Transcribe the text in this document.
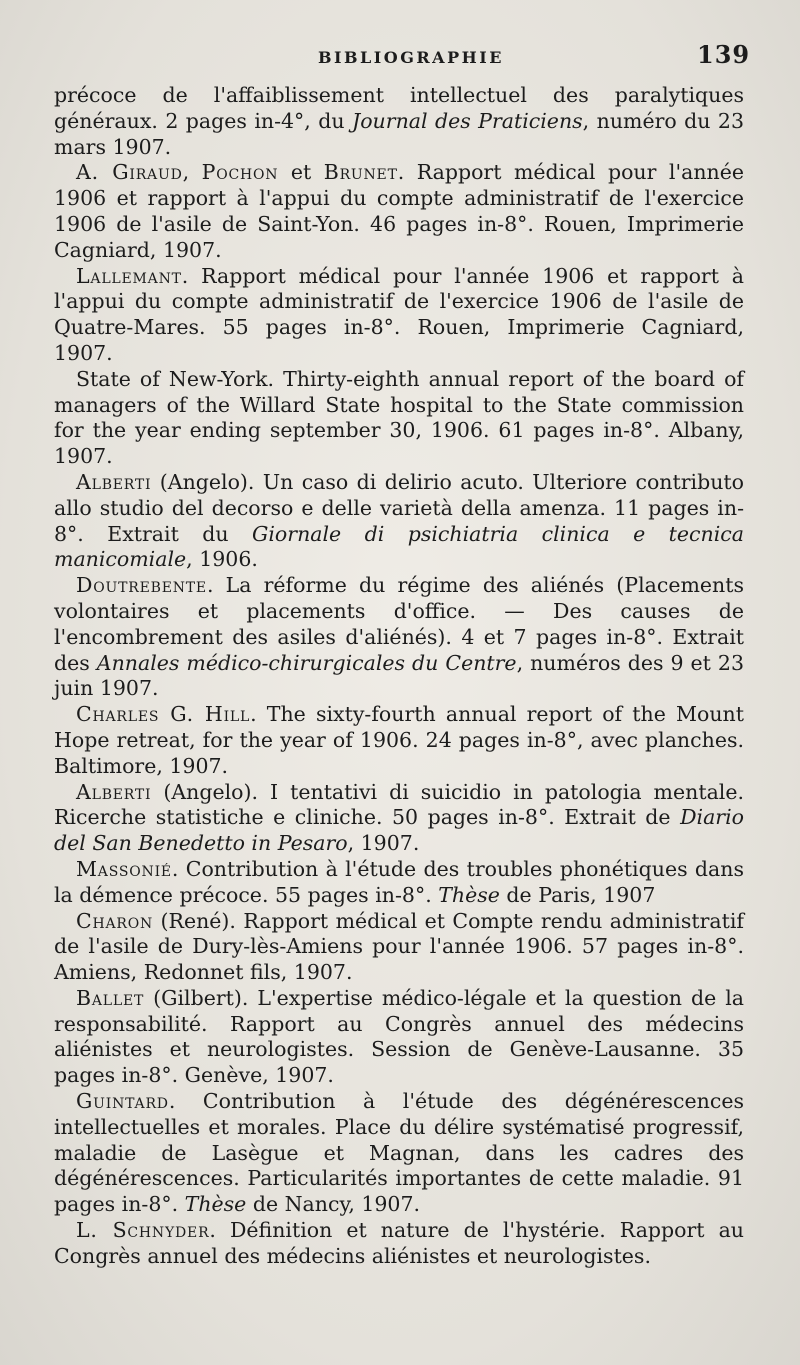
BIBLIOGRAPHIE	139

précoce de l'affaiblissement intellectuel des paralytiques généraux. 2 pages in-4°, du Journal des Praticiens, numéro du 23 mars 1907.

A. Giraud, Pochon et Brunet. Rapport médical pour l'année 1906 et rapport à l'appui du compte administratif de l'exercice 1906 de l'asile de Saint-Yon. 46 pages in-8°. Rouen, Imprimerie Cagniard, 1907.

Lallemant. Rapport médical pour l'année 1906 et rapport à l'appui du compte administratif de l'exercice 1906 de l'asile de Quatre-Mares. 55 pages in-8°. Rouen, Imprimerie Cagniard, 1907.

State of New-York. Thirty-eighth annual report of the board of managers of the Willard State hospital to the State commission for the year ending september 30, 1906. 61 pages in-8°. Albany, 1907.

Alberti (Angelo). Un caso di delirio acuto. Ulteriore contributo allo studio del decorso e delle varietà della amenza. 11 pages in-8°. Extrait du Giornale di psichiatria clinica e tecnica manicomiale, 1906.

Doutrebente. La réforme du régime des aliénés (Placements volontaires et placements d'office. — Des causes de l'encombrement des asiles d'aliénés). 4 et 7 pages in-8°. Extrait des Annales médico-chirurgicales du Centre, numéros des 9 et 23 juin 1907.

Charles G. Hill. The sixty-fourth annual report of the Mount Hope retreat, for the year of 1906. 24 pages in-8°, avec planches. Baltimore, 1907.

Alberti (Angelo). I tentativi di suicidio in patologia mentale. Ricerche statistiche e cliniche. 50 pages in-8°. Extrait de Diario del San Benedetto in Pesaro, 1907.

Massonié. Contribution à l'étude des troubles phonétiques dans la démence précoce. 55 pages in-8°. Thèse de Paris, 1907

Charon (René). Rapport médical et Compte rendu administratif de l'asile de Dury-lès-Amiens pour l'année 1906. 57 pages in-8°. Amiens, Redonnet fils, 1907.

Ballet (Gilbert). L'expertise médico-légale et la question de la responsabilité. Rapport au Congrès annuel des médecins aliénistes et neurologistes. Session de Genève-Lausanne. 35 pages in-8°. Genève, 1907.

Guintard. Contribution à l'étude des dégénérescences intellectuelles et morales. Place du délire systématisé progressif, maladie de Lasègue et Magnan, dans les cadres des dégénérescences. Particularités importantes de cette maladie. 91 pages in-8°. Thèse de Nancy, 1907.

L. Schnyder. Définition et nature de l'hystérie. Rapport au Congrès annuel des médecins aliénistes et neurologistes.
